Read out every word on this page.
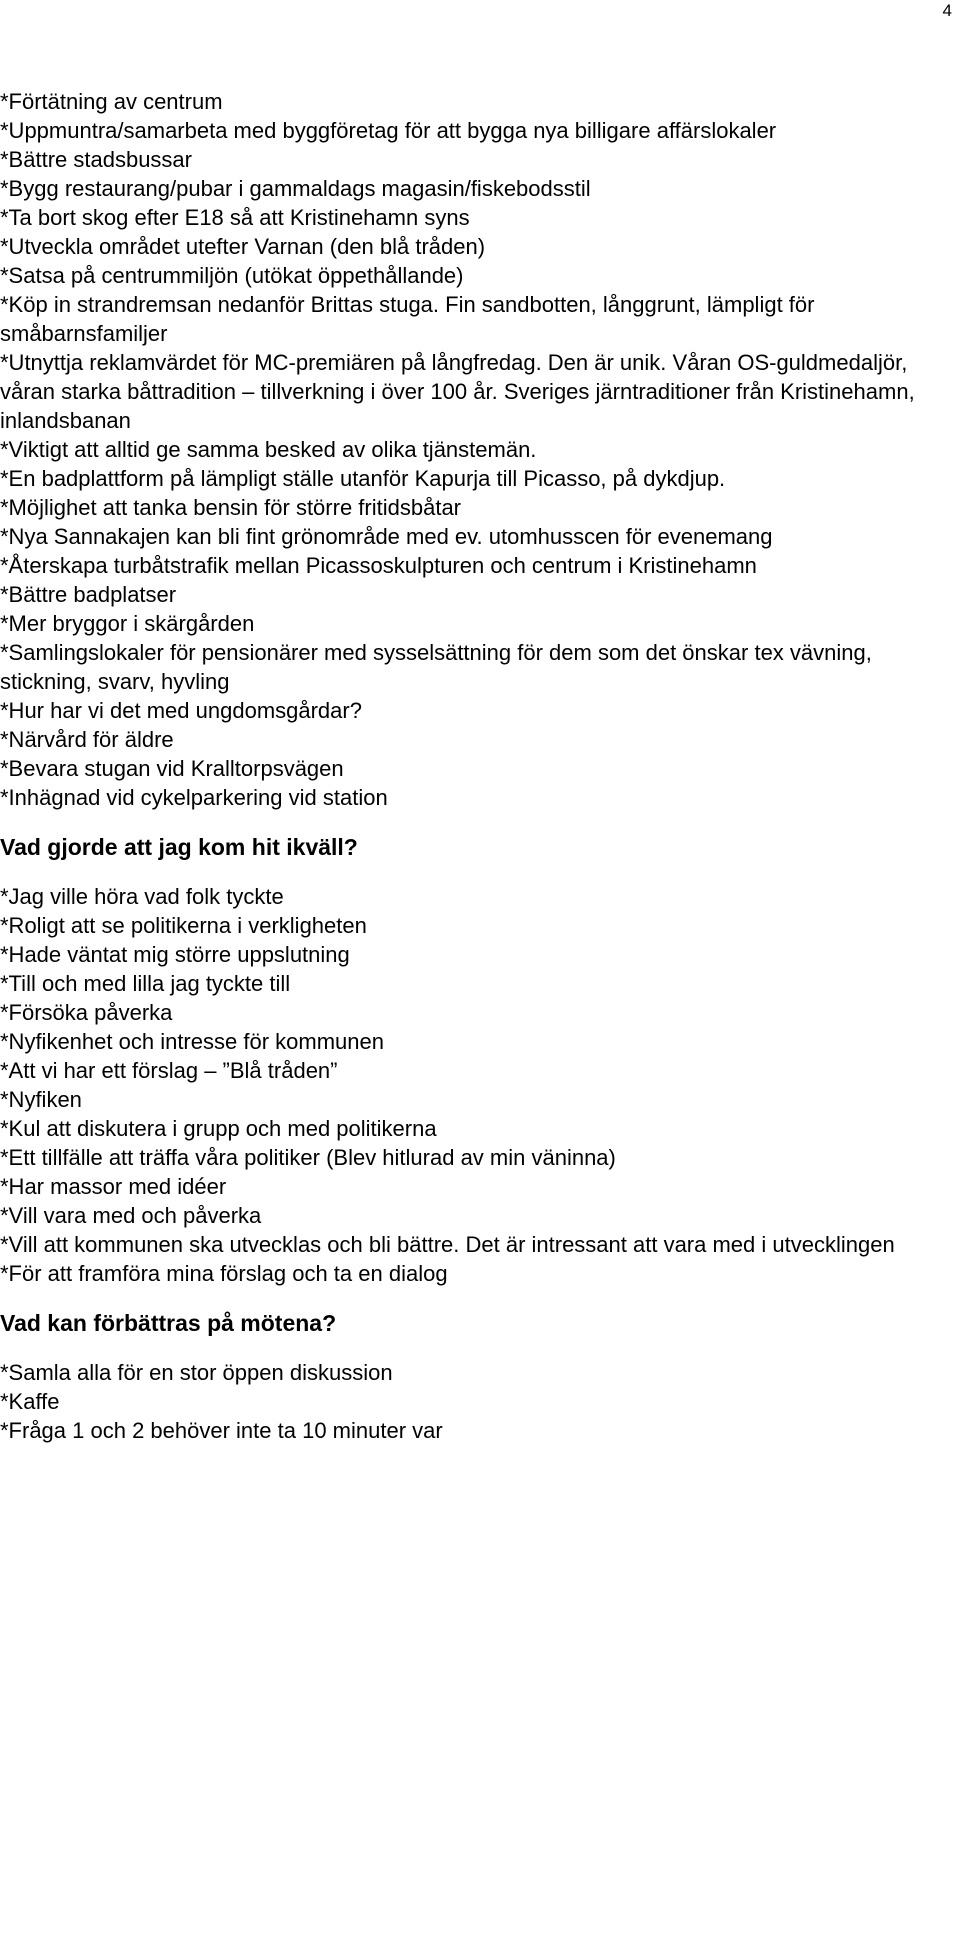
4

*Förtätning av centrum

*Uppmuntra/samarbeta med byggföretag för att bygga nya billigare affärslokaler

*Bättre stadsbussar

*Bygg restaurang/pubar i gammaldags magasin/fiskebodsstil

*Ta bort skog efter E18 så att Kristinehamn syns

*Utveckla området utefter Varnan (den blå tråden)

*Satsa på centrummiljön (utökat öppethållande)

*Köp in strandremsan nedanför Brittas stuga. Fin sandbotten, långgrunt, lämpligt för småbarnsfamiljer

*Utnyttja reklamvärdet för MC-premiären på långfredag. Den är unik. Våran OS-guldmedaljör, våran starka båttradition – tillverkning i över 100 år. Sveriges järntraditioner från Kristinehamn, inlandsbanan

*Viktigt att alltid ge samma besked av olika tjänstemän.

*En badplattform på lämpligt ställe utanför Kapurja till Picasso, på dykdjup.

*Möjlighet att tanka bensin för större fritidsbåtar

*Nya Sannakajen kan bli fint grönområde med ev. utomhusscen för evenemang

*Återskapa turbåtstrafik mellan Picassoskulpturen och centrum i Kristinehamn

*Bättre badplatser

*Mer bryggor i skärgården

*Samlingslokaler för pensionärer med sysselsättning för dem som det önskar tex vävning, stickning, svarv, hyvling

*Hur har vi det med ungdomsgårdar?

*Närvård för äldre

*Bevara stugan vid Kralltorpsvägen

*Inhägnad vid cykelparkering vid station

Vad gjorde att jag kom hit ikväll?

*Jag ville höra vad folk tyckte

*Roligt att se politikerna i verkligheten

*Hade väntat mig större uppslutning

*Till och med lilla jag tyckte till

*Försöka påverka

*Nyfikenhet och intresse för kommunen

*Att vi har ett förslag – ”Blå tråden”

*Nyfiken

*Kul att diskutera i grupp och med politikerna

*Ett tillfälle att träffa våra politiker (Blev hitlurad av min väninna)

*Har massor med idéer

*Vill vara med och påverka

*Vill att kommunen ska utvecklas och bli bättre. Det är intressant att vara med i utvecklingen

*För att framföra mina förslag och ta en dialog

Vad kan förbättras på mötena?

*Samla alla för en stor öppen diskussion

*Kaffe

*Fråga 1 och 2 behöver inte ta 10 minuter var
